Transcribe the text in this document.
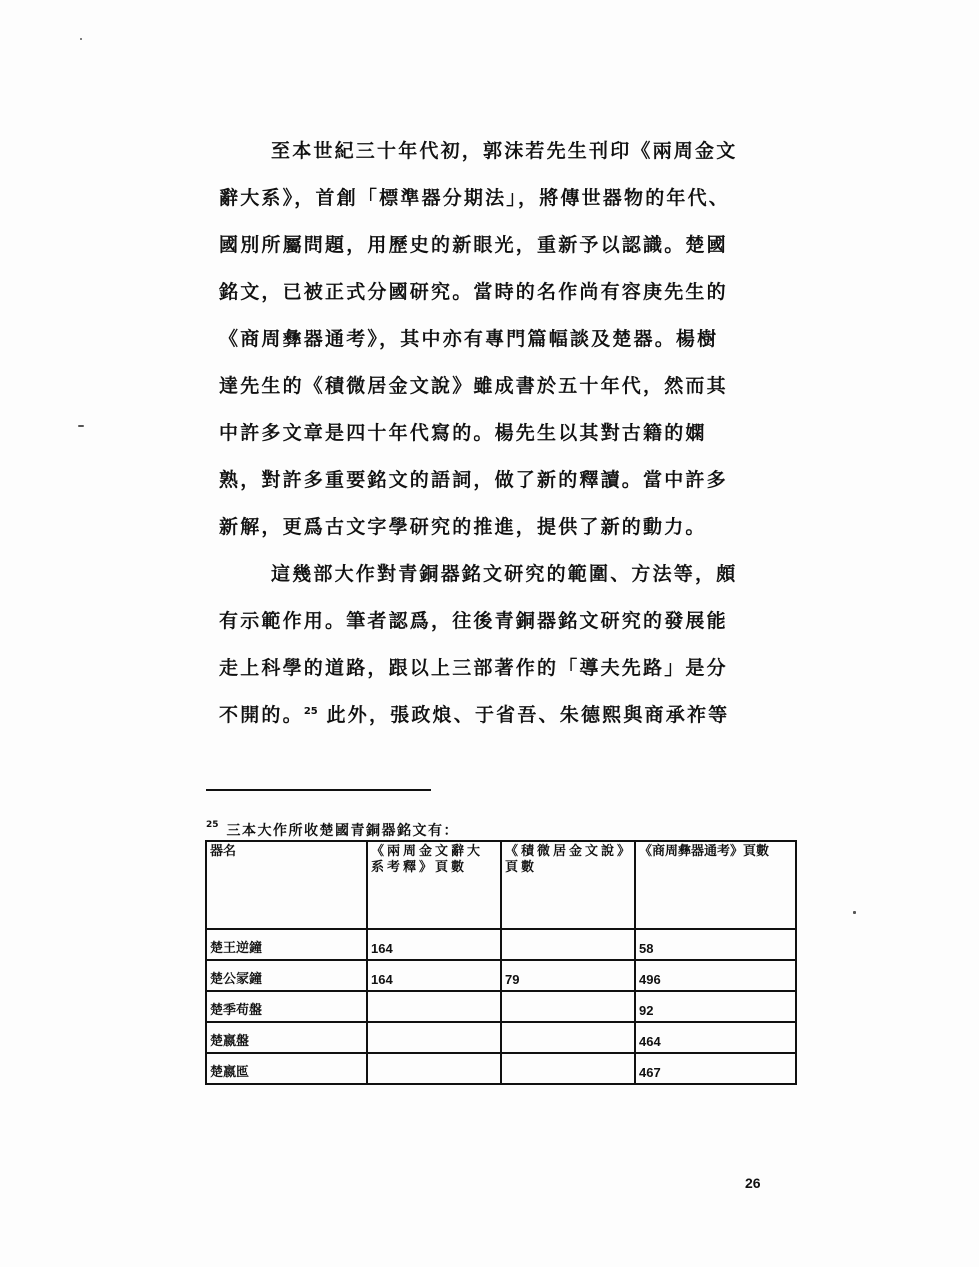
至本世紀三十年代初，郭沫若先生刊印《兩周金文
辭大系》，首創「標準器分期法」，將傳世器物的年代、
國別所屬問題，用歷史的新眼光，重新予以認識。楚國
銘文，已被正式分國研究。當時的名作尚有容庚先生的
《商周彝器通考》，其中亦有專門篇幅談及楚器。楊樹
達先生的《積微居金文說》雖成書於五十年代，然而其
中許多文章是四十年代寫的。楊先生以其對古籍的嫻
熟，對許多重要銘文的語詞，做了新的釋讀。當中許多
新解，更爲古文字學研究的推進，提供了新的動力。
這幾部大作對青銅器銘文研究的範圍、方法等，頗
有示範作用。筆者認爲，往後青銅器銘文研究的發展能
走上科學的道路，跟以上三部著作的「導夫先路」是分
不開的。$^{25}$ 此外，張政烺、于省吾、朱德熙與商承祚等
$^{25}$ 三本大作所收楚國青銅器銘文有：
器名	《兩周金文辭大系考釋》頁數	《積微居金文說》頁數	《商周彝器通考》頁數
楚王逆鐘	164		58
楚公冡鐘	164	79	496
楚季苟盤			92
楚嬴盤			464
楚嬴匜			467
26
